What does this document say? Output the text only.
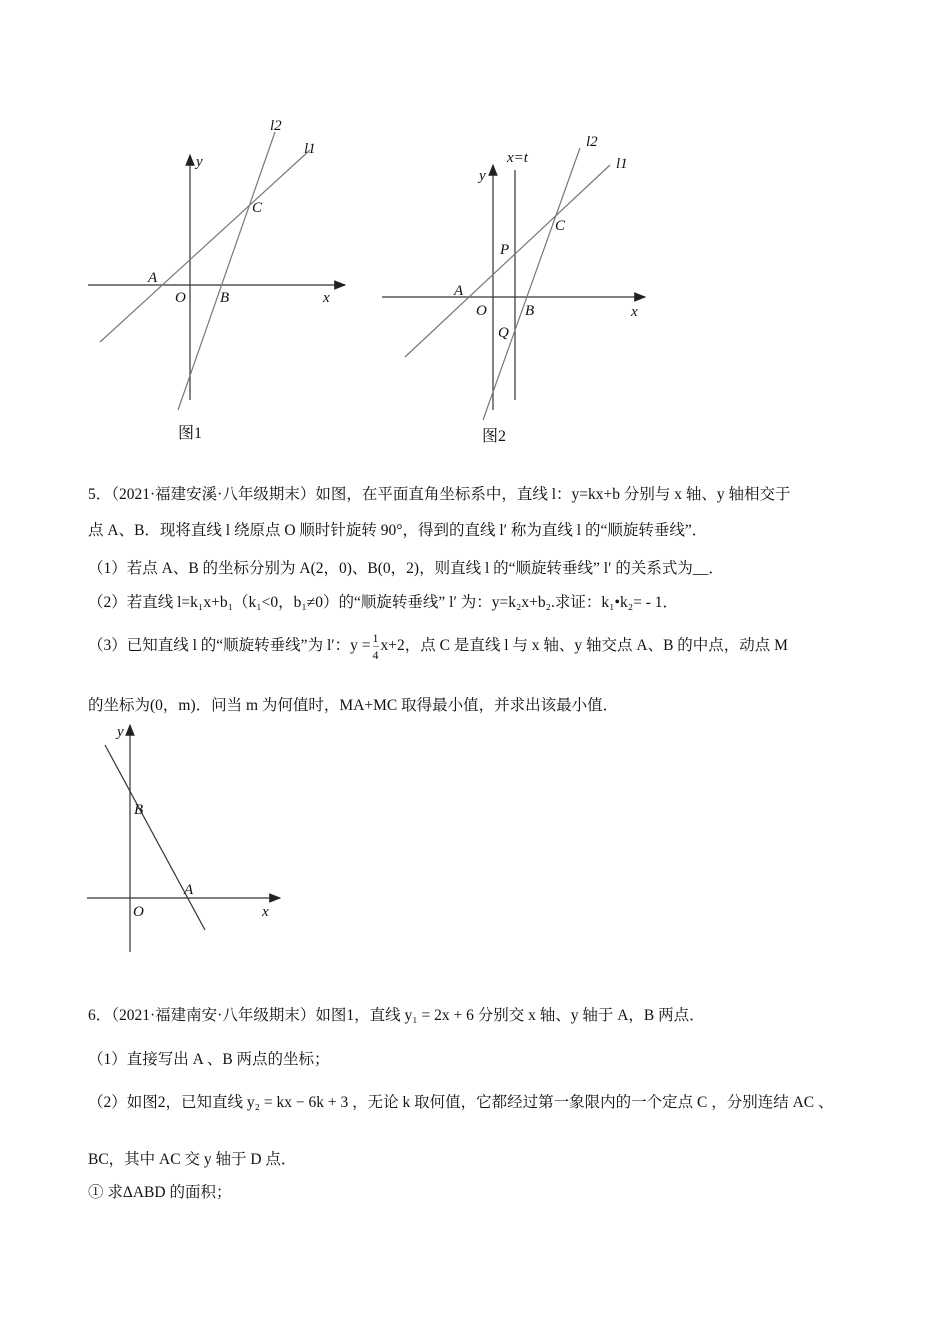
l2
l1
y
C
A
O B	x
图1
x=t
l2
l1
y
P
C
A
O	B
Q
x
图2
y
B
A
O	x
5．（2021·福建安溪·八年级期末）如图，在平面直角坐标系中，直线 l：y=kx+b 分别与 x 轴、y 轴相交于
点 A、B．现将直线 l 绕原点 O 顺时针旋转 90°，得到的直线 l′ 称为直线 l 的“顺旋转垂线”．
（1）若点 A、B 的坐标分别为 A(2，0)、B(0，2)，则直线 l 的“顺旋转垂线” l′ 的关系式为__．
（2）若直线 l=k₁x+b₁（k₁<0，b₁≠0）的“顺旋转垂线” l′ 为：y=k₂x+b₂.求证：k₁•k₂= - 1．
（3）已知直线 l 的“顺旋转垂线”为 l′：$y = \frac{1}{4} x+2$，点 C 是直线 l 与 x 轴、y 轴交点 A、B 的中点，动点 M
的坐标为(0，m)．问当 m 为何值时，MA+MC 取得最小值，并求出该最小值．
6．（2021·福建南安·八年级期末）如图1，直线 y₁ = 2x + 6 分别交 x 轴、y 轴于 A，B 两点．
（1）直接写出 A 、B 两点的坐标；
（2）如图2，已知直线 y₂ = kx − 6k + 3 ，无论 k 取何值，它都经过第一象限内的一个定点 C ，分别连结 AC 、
BC，其中 AC 交 y 轴于 D 点．
① 求ΔABD 的面积；
